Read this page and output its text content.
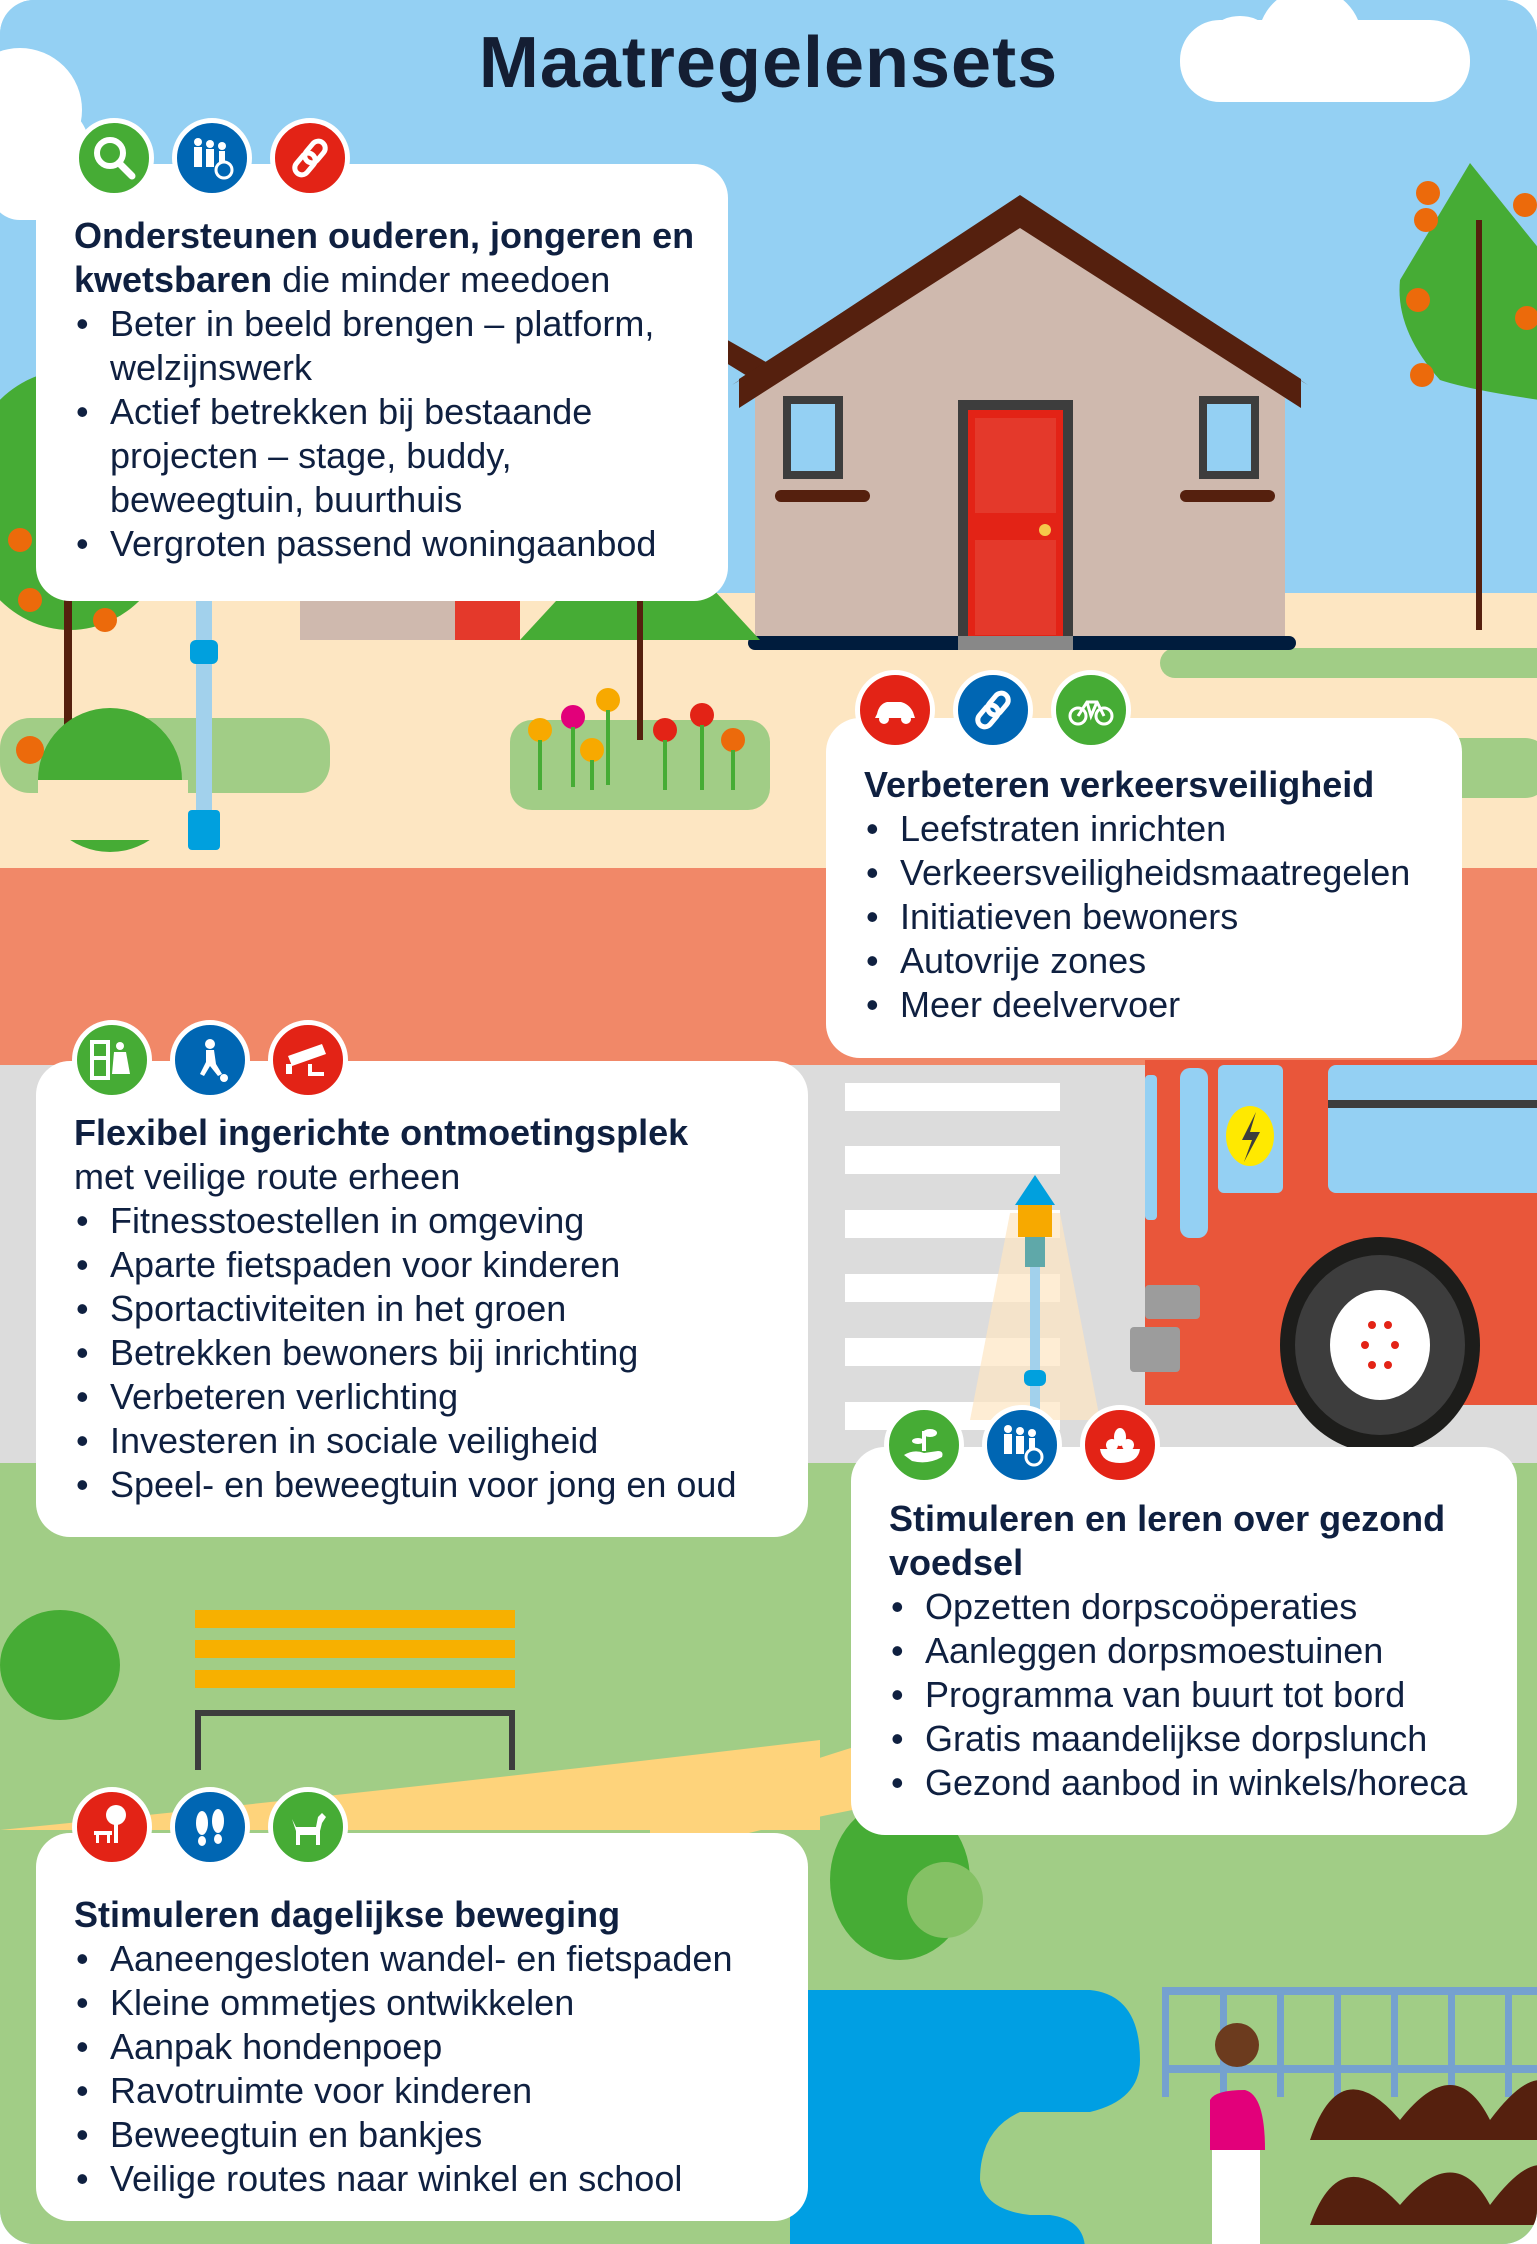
Maatregelensets
Ondersteunen ouderen, jongeren en kwetsbaren die minder meedoen
• Beter in beeld brengen – platform, welzijnswerk
• Actief betrekken bij bestaande projecten – stage, buddy, beweegtuin, buurthuis
• Vergroten passend woningaanbod
Verbeteren verkeersveiligheid
• Leefstraten inrichten
• Verkeersveiligheidsmaatregelen
• Initiatieven bewoners
• Autovrije zones
• Meer deelvervoer
Flexibel ingerichte ontmoetingsplek
met veilige route erheen
• Fitnesstoestellen in omgeving
• Aparte fietspaden voor kinderen
• Sportactiviteiten in het groen
• Betrekken bewoners bij inrichting
• Verbeteren verlichting
• Investeren in sociale veiligheid
• Speel- en beweegtuin voor jong en oud
Stimuleren en leren over gezond voedsel
• Opzetten dorpscoöperaties
• Aanleggen dorpsmoestuinen
• Programma van buurt tot bord
• Gratis maandelijkse dorpslunch
• Gezond aanbod in winkels/horeca
Stimuleren dagelijkse beweging
• Aaneengesloten wandel- en fietspaden
• Kleine ommetjes ontwikkelen
• Aanpak hondenpoep
• Ravotruimte voor kinderen
• Beweegtuin en bankjes
• Veilige routes naar winkel en school
